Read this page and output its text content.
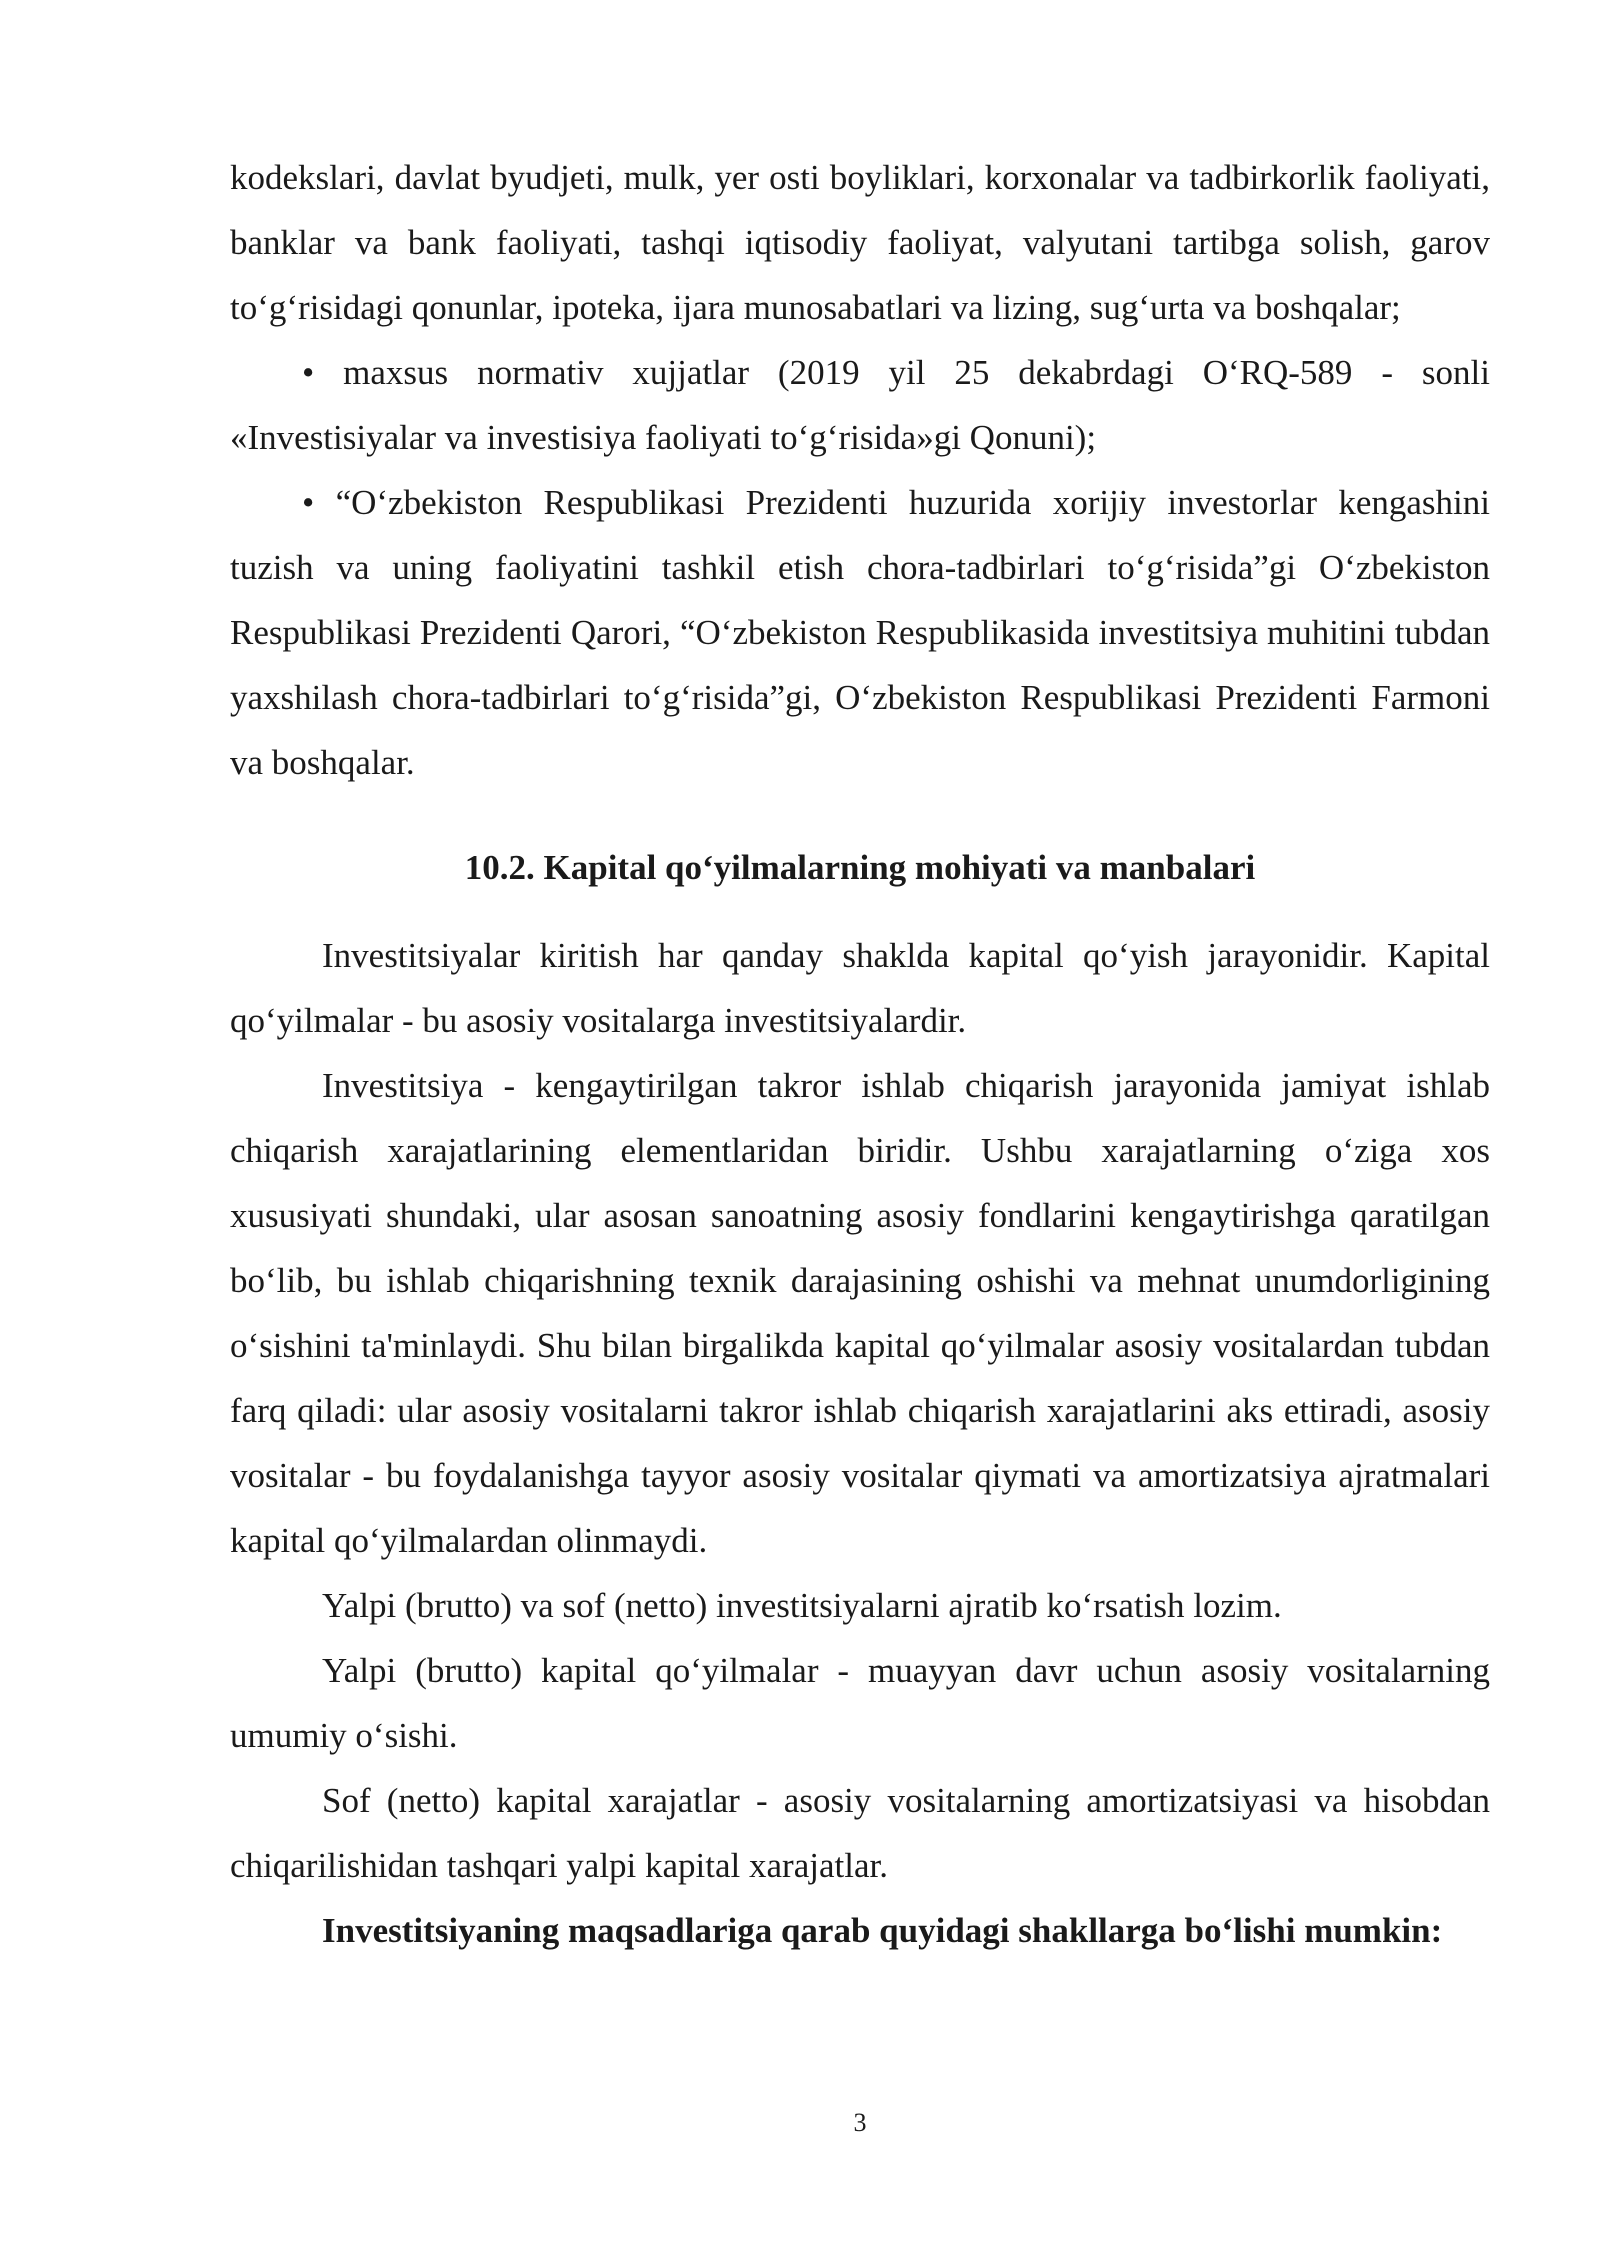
kodekslari, davlat byudjeti, mulk, yer osti boyliklari, korxonalar va tadbirkorlik faoliyati, banklar va bank faoliyati, tashqi iqtisodiy faoliyat, valyutani tartibga solish, garov to‘g‘risidagi qonunlar, ipoteka, ijara munosabatlari va lizing, sug‘urta va boshqalar;

• maxsus normativ xujjatlar (2019 yil 25 dekabrdagi O‘RQ-589 - sonli «Investisiyalar va investisiya faoliyati to‘g‘risida»gi Qonuni);

• “O‘zbekiston Respublikasi Prezidenti huzurida xorijiy investorlar kengashini tuzish va uning faoliyatini tashkil etish chora-tadbirlari to‘g‘risida”gi O‘zbekiston Respublikasi Prezidenti Qarori, “O‘zbekiston Respublikasida investitsiya muhitini tubdan yaxshilash chora-tadbirlari to‘g‘risida”gi, O‘zbekiston Respublikasi Prezidenti Farmoni va boshqalar.

10.2. Kapital qo‘yilmalarning mohiyati va manbalari

Investitsiyalar kiritish har qanday shaklda kapital qo‘yish jarayonidir. Kapital qo‘yilmalar - bu asosiy vositalarga investitsiyalardir.

Investitsiya - kengaytirilgan takror ishlab chiqarish jarayonida jamiyat ishlab chiqarish xarajatlarining elementlaridan biridir. Ushbu xarajatlarning o‘ziga xos xususiyati shundaki, ular asosan sanoatning asosiy fondlarini kengaytirishga qaratilgan bo‘lib, bu ishlab chiqarishning texnik darajasining oshishi va mehnat unumdorligining o‘sishini ta'minlaydi. Shu bilan birgalikda kapital qo‘yilmalar asosiy vositalardan tubdan farq qiladi: ular asosiy vositalarni takror ishlab chiqarish xarajatlarini aks ettiradi, asosiy vositalar - bu foydalanishga tayyor asosiy vositalar qiymati va amortizatsiya ajratmalari kapital qo‘yilmalardan olinmaydi.

Yalpi (brutto) va sof (netto) investitsiyalarni ajratib ko‘rsatish lozim.

Yalpi (brutto) kapital qo‘yilmalar - muayyan davr uchun asosiy vositalarning umumiy o‘sishi.

Sof (netto) kapital xarajatlar - asosiy vositalarning amortizatsiyasi va hisobdan chiqarilishidan tashqari yalpi kapital xarajatlar.

Investitsiyaning maqsadlariga qarab quyidagi shakllarga bo‘lishi mumkin:

3
